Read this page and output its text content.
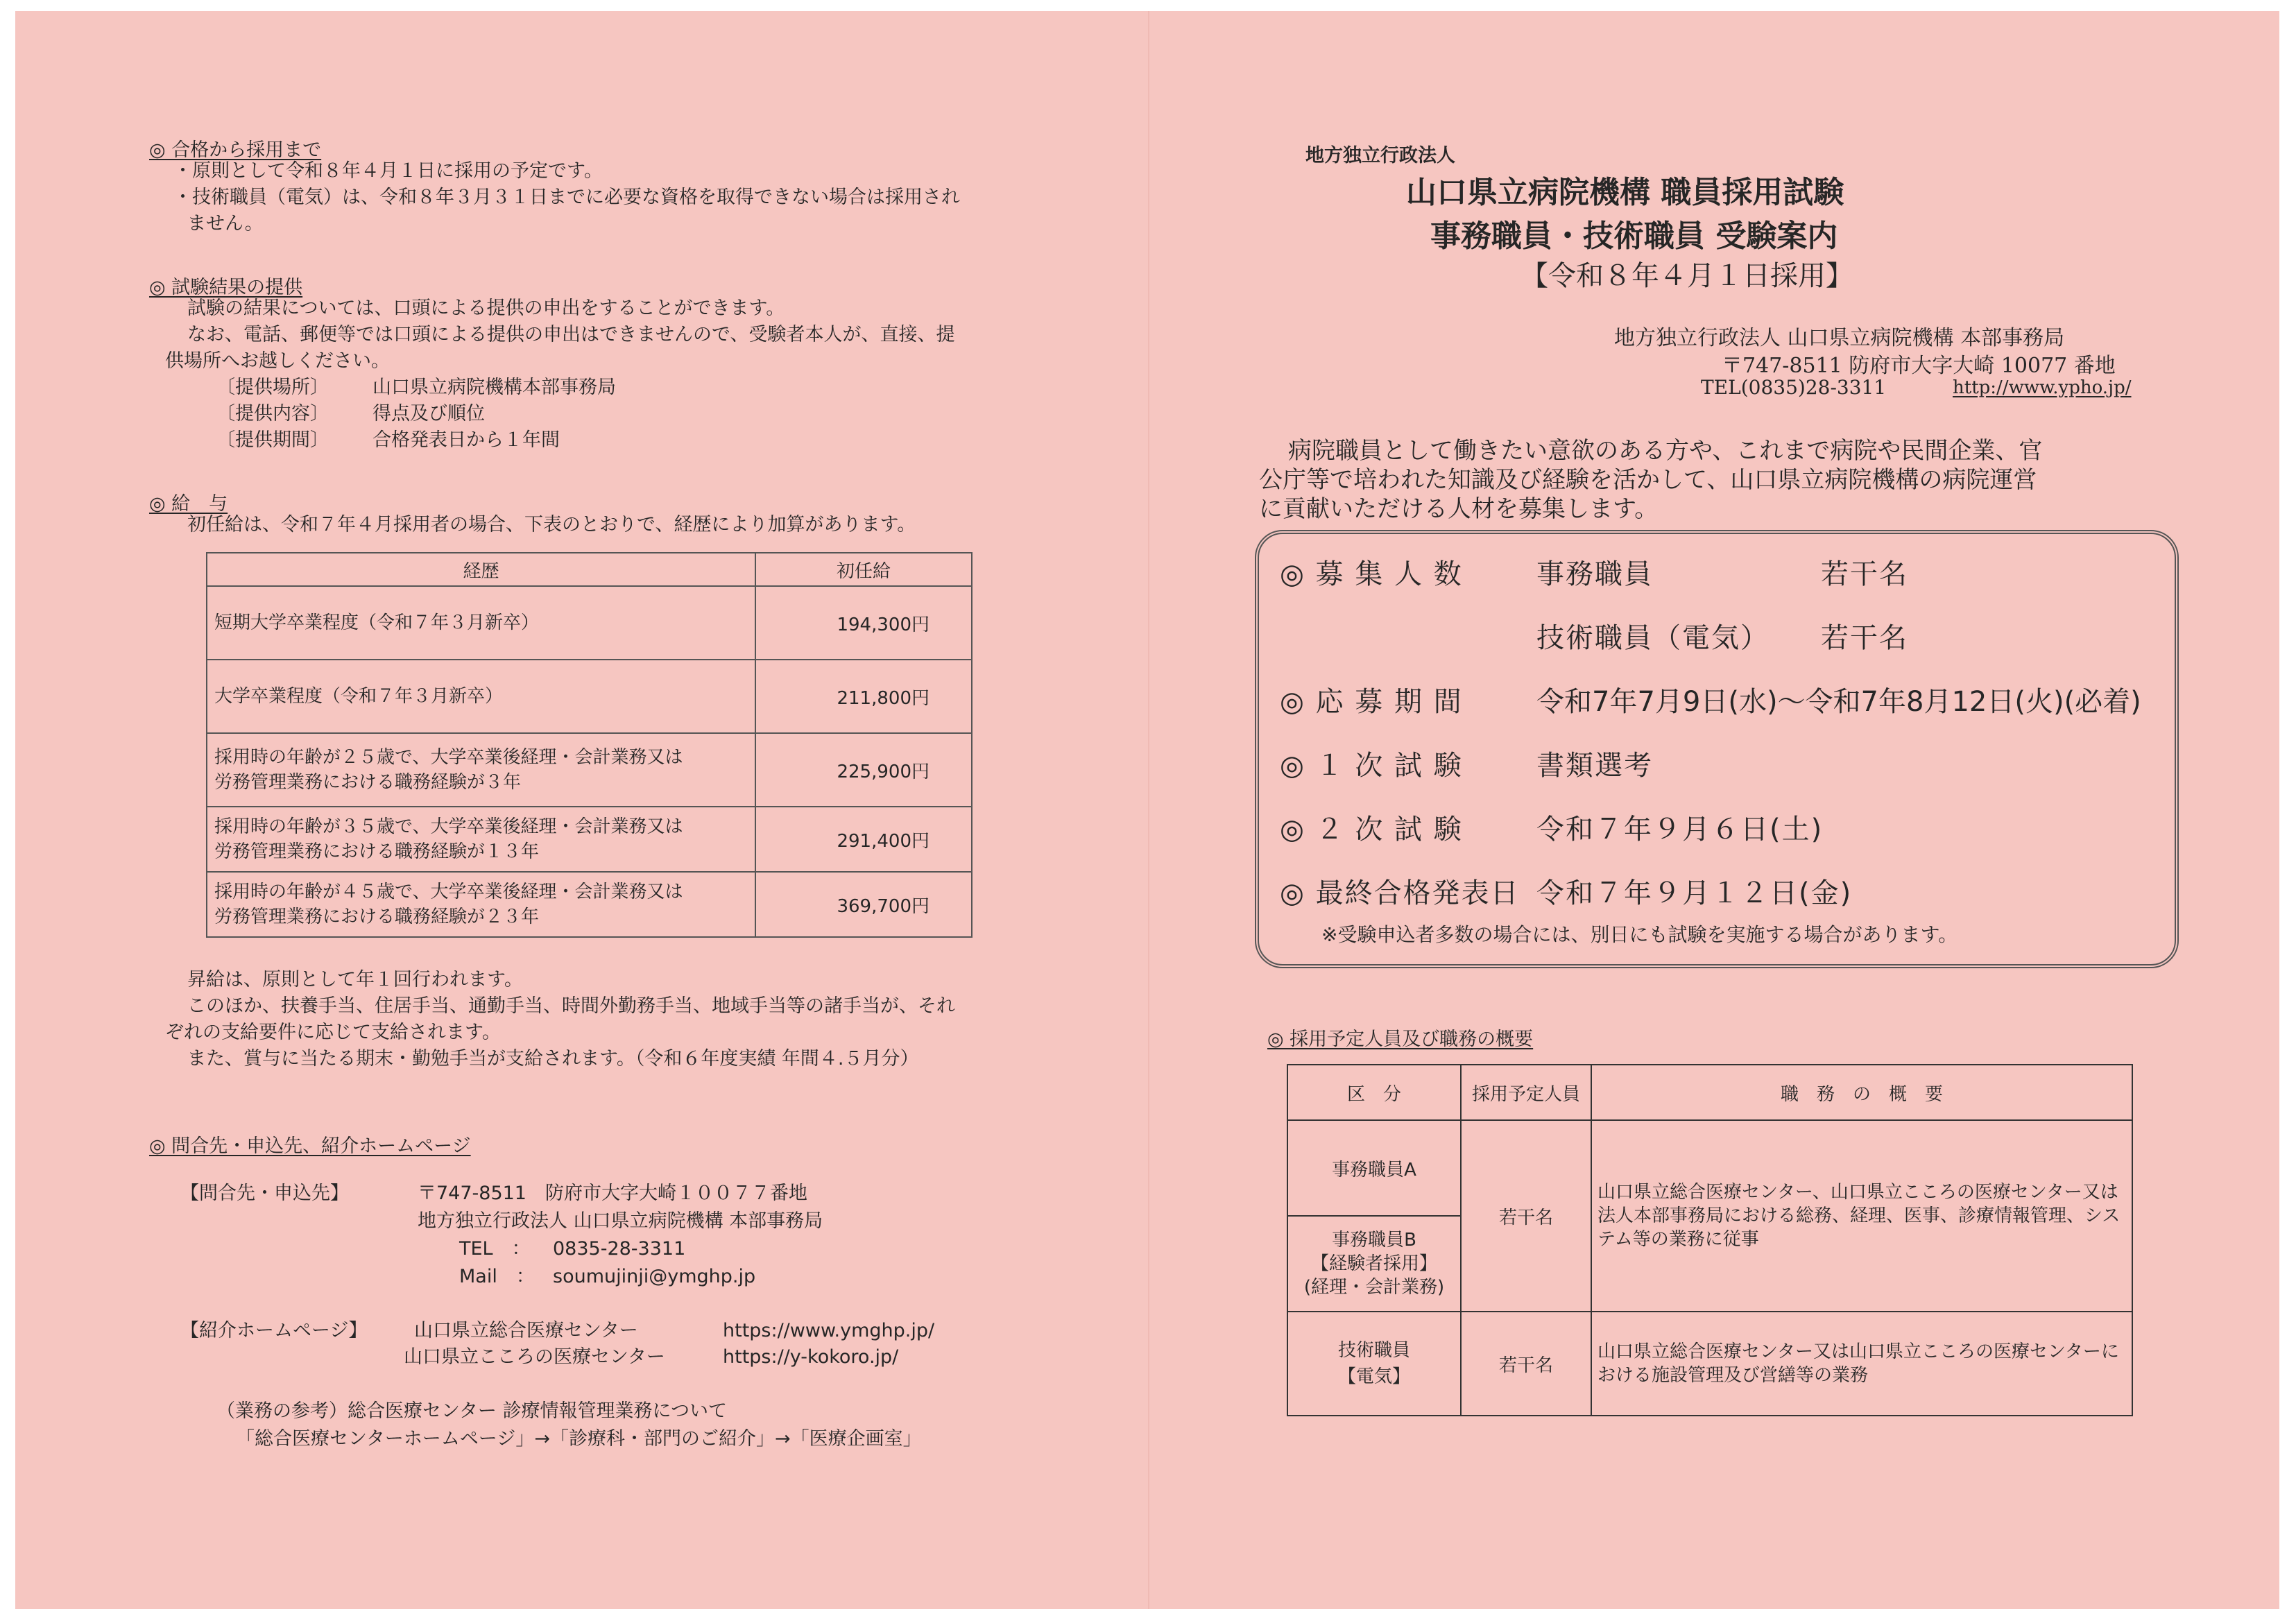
◎ 合格から採用まで
・原則として令和８年４月１日に採用の予定です。
・技術職員（電気）は、令和８年３月３１日までに必要な資格を取得できない場合は採用され
ません。
◎ 試験結果の提供
試験の結果については、口頭による提供の申出をすることができます。
なお、電話、郵便等では口頭による提供の申出はできませんので、受験者本人が、直接、提
供場所へお越しください。
〔提供場所〕 山口県立病院機構本部事務局
〔提供内容〕 得点及び順位
〔提供期間〕 合格発表日から１年間
◎ 給　与
初任給は、令和７年４月採用者の場合、下表のとおりで、経歴により加算があります。
経歴	初任給
短期大学卒業程度（令和７年３月新卒）	194,300円
大学卒業程度（令和７年３月新卒）	211,800円
採用時の年齢が２５歳で、大学卒業後経理・会計業務又は
労務管理業務における職務経験が３年	225,900円
採用時の年齢が３５歳で、大学卒業後経理・会計業務又は
労務管理業務における職務経験が１３年	291,400円
採用時の年齢が４５歳で、大学卒業後経理・会計業務又は
労務管理業務における職務経験が２３年	369,700円
昇給は、原則として年１回行われます。
このほか、扶養手当、住居手当、通勤手当、時間外勤務手当、地域手当等の諸手当が、それ
ぞれの支給要件に応じて支給されます。
また、賞与に当たる期末・勤勉手当が支給されます。（令和６年度実績 年間４.５月分）
◎ 問合先・申込先、紹介ホームページ
【問合先・申込先】	〒747-8511　防府市大字大崎１００７７番地
地方独立行政法人 山口県立病院機構 本部事務局
TEL　： 0835-28-3311
Mail　： soumujinji@ymghp.jp
【紹介ホームページ】	山口県立総合医療センター	https://www.ymghp.jp/
山口県立こころの医療センター	https://y-kokoro.jp/
（業務の参考）総合医療センター 診療情報管理業務について
「総合医療センターホームページ」→「診療科・部門のご紹介」→「医療企画室」
地方独立行政法人
山口県立病院機構 職員採用試験
事務職員・技術職員 受験案内
【令和８年４月１日採用】
地方独立行政法人 山口県立病院機構 本部事務局
〒747-8511 防府市大字大崎 10077 番地
TEL(0835)28-3311	http://www.ypho.jp/
病院職員として働きたい意欲のある方や、これまで病院や民間企業、官
公庁等で培われた知識及び経験を活かして、山口県立病院機構の病院運営
に貢献いただける人材を募集します。
◎ 募 集 人 数	事務職員	若干名
技術職員（電気） 若干名
◎ 応 募 期 間	令和7年7月9日(水)～令和7年8月12日(火)(必着)
◎ １ 次 試 験	書類選考
◎ ２ 次 試 験	令和７年９月６日(土)
◎ 最終合格発表日 令和７年９月１２日(金)
※受験申込者多数の場合には、別日にも試験を実施する場合があります。
◎ 採用予定人員及び職務の概要
区　分	採用予定人員	職　務　の　概　要
事務職員A	若干名	山口県立総合医療センター、山口県立こころの医療センター又は法人本部事務局における総務、経理、医事、診療情報管理、システム等の業務に従事
事務職員B
【経験者採用】
(経理・会計業務)		
技術職員
【電気】	若干名	山口県立総合医療センター又は山口県立こころの医療センターにおける施設管理及び営繕等の業務
